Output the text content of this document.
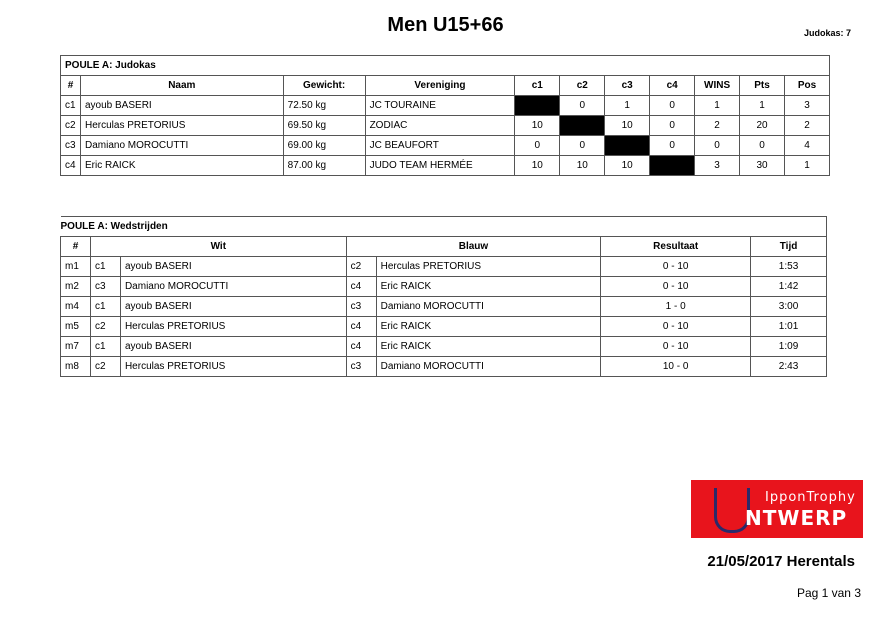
Men U15+66	Judokas: 7
POULE A: Judokas										
#	Naam	Gewicht:	Vereniging	c1	c2	c3	c4	WINS	Pts	Pos
c1	ayoub BASERI	72.50 kg	JC TOURAINE		0	1	0	1	1	3
c2	Herculas PRETORIUS	69.50 kg	ZODIAC	10		10	0	2	20	2
c3	Damiano MOROCUTTI	69.00 kg	JC BEAUFORT	0	0		0	0	0	4
c4	Eric RAICK	87.00 kg	JUDO TEAM HERMÉE	10	10	10		3	30	1
POULE A: Wedstrijden						
#	Wit		Blauw		Resultaat	Tijd
m1	c1	ayoub BASERI	c2	Herculas PRETORIUS	0 - 10	1:53
m2	c3	Damiano MOROCUTTI	c4	Eric RAICK	0 - 10	1:42
m4	c1	ayoub BASERI	c3	Damiano MOROCUTTI	1 - 0	3:00
m5	c2	Herculas PRETORIUS	c4	Eric RAICK	0 - 10	1:01
m7	c1	ayoub BASERI	c4	Eric RAICK	0 - 10	1:09
m8	c2	Herculas PRETORIUS	c3	Damiano MOROCUTTI	10 - 0	2:43
IpponTrophy
NTWERP
21/05/2017 Herentals
Pag 1 van 3
